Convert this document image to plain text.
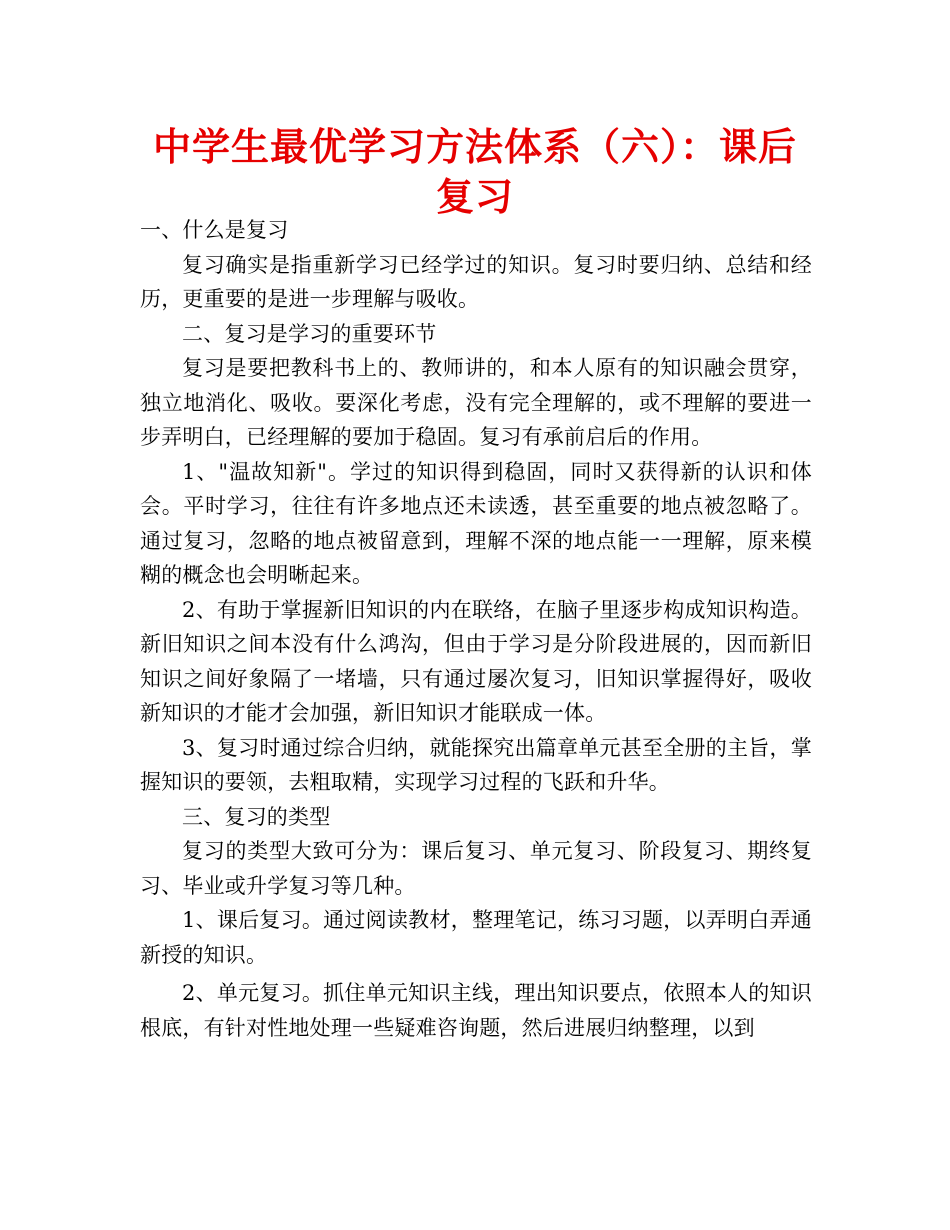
中学生最优学习方法体系（六）：课后复习

一、什么是复习

复习确实是指重新学习已经学过的知识。复习时要归纳、总结和经历，更重要的是进一步理解与吸收。

二、复习是学习的重要环节

复习是要把教科书上的、教师讲的，和本人原有的知识融会贯穿，独立地消化、吸收。要深化考虑，没有完全理解的，或不理解的要进一步弄明白，已经理解的要加于稳固。复习有承前启后的作用。

1、"温故知新"。学过的知识得到稳固，同时又获得新的认识和体会。平时学习，往往有许多地点还未读透，甚至重要的地点被忽略了。通过复习，忽略的地点被留意到，理解不深的地点能一一理解，原来模糊的概念也会明晰起来。

2、有助于掌握新旧知识的内在联络，在脑子里逐步构成知识构造。新旧知识之间本没有什么鸿沟，但由于学习是分阶段进展的，因而新旧知识之间好象隔了一堵墙，只有通过屡次复习，旧知识掌握得好，吸收新知识的才能才会加强，新旧知识才能联成一体。

3、复习时通过综合归纳，就能探究出篇章单元甚至全册的主旨，掌握知识的要领，去粗取精，实现学习过程的飞跃和升华。

三、复习的类型

复习的类型大致可分为：课后复习、单元复习、阶段复习、期终复习、毕业或升学复习等几种。

1、课后复习。通过阅读教材，整理笔记，练习习题，以弄明白弄通新授的知识。

2、单元复习。抓住单元知识主线，理出知识要点，依照本人的知识根底，有针对性地处理一些疑难咨询题，然后进展归纳整理，以到
